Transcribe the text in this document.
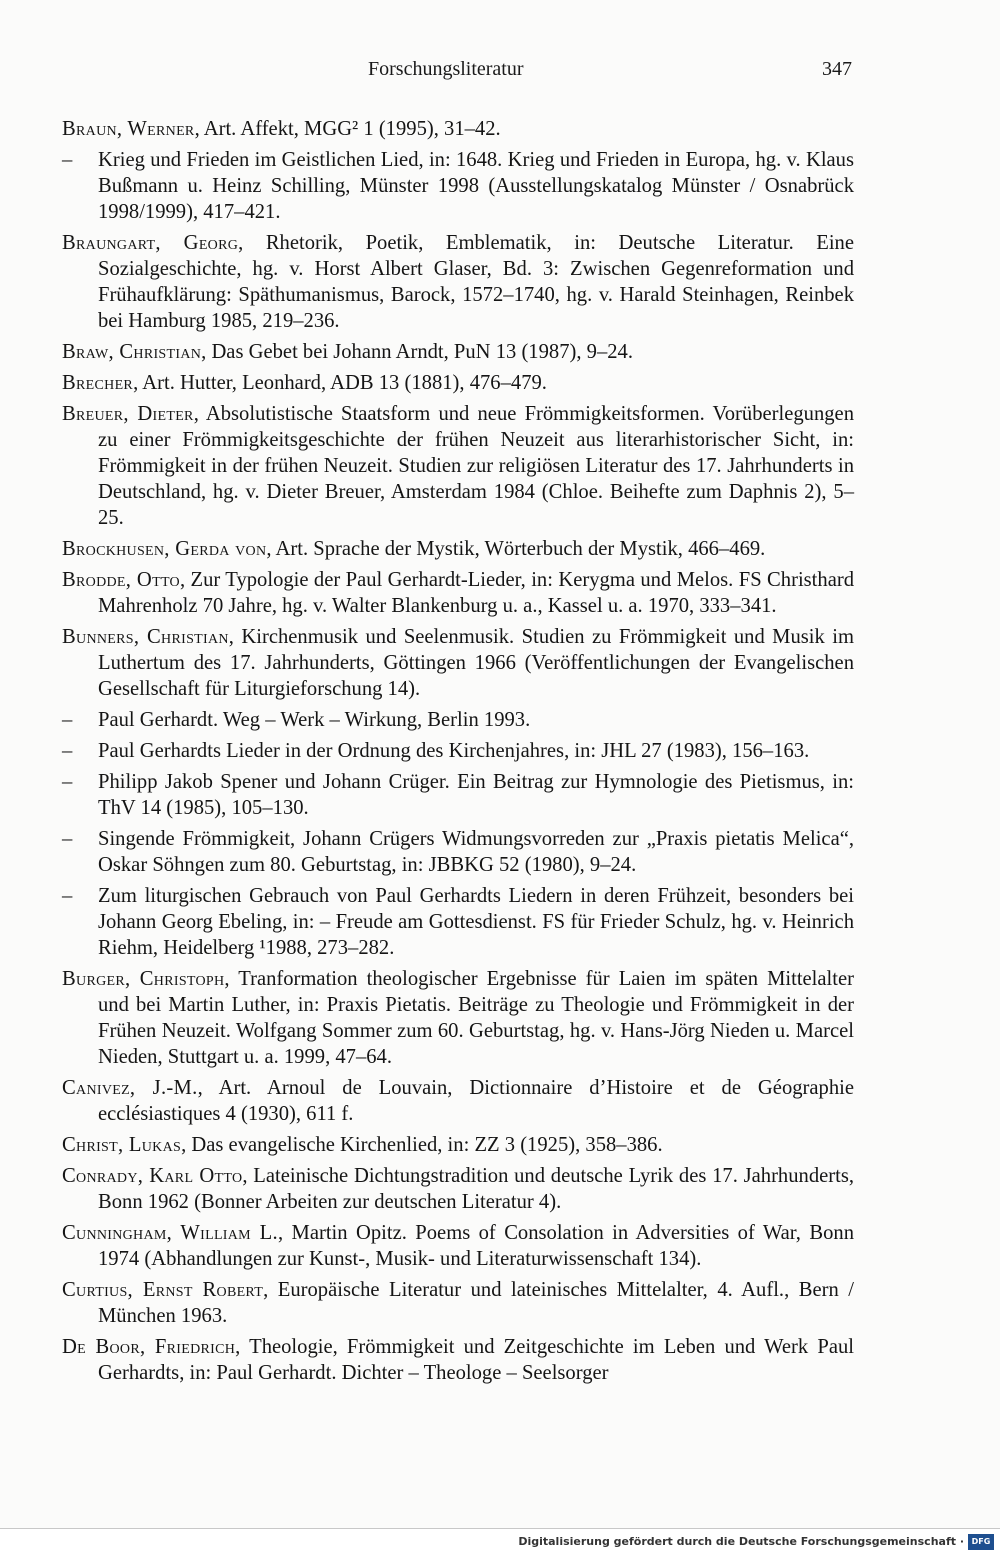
Forschungsliteratur	347

Braun, Werner, Art. Affekt, MGG² 1 (1995), 31–42.

– Krieg und Frieden im Geistlichen Lied, in: 1648. Krieg und Frieden in Europa, hg. v. Klaus Bußmann u. Heinz Schilling, Münster 1998 (Ausstellungskatalog Münster / Osnabrück 1998/1999), 417–421.

Braungart, Georg, Rhetorik, Poetik, Emblematik, in: Deutsche Literatur. Eine Sozialgeschichte, hg. v. Horst Albert Glaser, Bd. 3: Zwischen Gegenreformation und Frühaufklärung: Späthumanismus, Barock, 1572–1740, hg. v. Harald Steinhagen, Reinbek bei Hamburg 1985, 219–236.

Braw, Christian, Das Gebet bei Johann Arndt, PuN 13 (1987), 9–24.

Brecher, Art. Hutter, Leonhard, ADB 13 (1881), 476–479.

Breuer, Dieter, Absolutistische Staatsform und neue Frömmigkeitsformen. Vorüberlegungen zu einer Frömmigkeitsgeschichte der frühen Neuzeit aus literarhistorischer Sicht, in: Frömmigkeit in der frühen Neuzeit. Studien zur religiösen Literatur des 17. Jahrhunderts in Deutschland, hg. v. Dieter Breuer, Amsterdam 1984 (Chloe. Beihefte zum Daphnis 2), 5–25.

Brockhusen, Gerda von, Art. Sprache der Mystik, Wörterbuch der Mystik, 466–469.

Brodde, Otto, Zur Typologie der Paul Gerhardt-Lieder, in: Kerygma und Melos. FS Christhard Mahrenholz 70 Jahre, hg. v. Walter Blankenburg u. a., Kassel u. a. 1970, 333–341.

Bunners, Christian, Kirchenmusik und Seelenmusik. Studien zu Frömmigkeit und Musik im Luthertum des 17. Jahrhunderts, Göttingen 1966 (Veröffentlichungen der Evangelischen Gesellschaft für Liturgieforschung 14).

– Paul Gerhardt. Weg – Werk – Wirkung, Berlin 1993.

– Paul Gerhardts Lieder in der Ordnung des Kirchenjahres, in: JHL 27 (1983), 156–163.

– Philipp Jakob Spener und Johann Crüger. Ein Beitrag zur Hymnologie des Pietismus, in: ThV 14 (1985), 105–130.

– Singende Frömmigkeit, Johann Crügers Widmungsvorreden zur „Praxis pietatis Melica“, Oskar Söhngen zum 80. Geburtstag, in: JBBKG 52 (1980), 9–24.

– Zum liturgischen Gebrauch von Paul Gerhardts Liedern in deren Frühzeit, besonders bei Johann Georg Ebeling, in: – Freude am Gottesdienst. FS für Frieder Schulz, hg. v. Heinrich Riehm, Heidelberg ¹1988, 273–282.

Burger, Christoph, Tranformation theologischer Ergebnisse für Laien im späten Mittelalter und bei Martin Luther, in: Praxis Pietatis. Beiträge zu Theologie und Frömmigkeit in der Frühen Neuzeit. Wolfgang Sommer zum 60. Geburtstag, hg. v. Hans-Jörg Nieden u. Marcel Nieden, Stuttgart u. a. 1999, 47–64.

Canivez, J.-M., Art. Arnoul de Louvain, Dictionnaire d’Histoire et de Géographie ecclésiastiques 4 (1930), 611 f.

Christ, Lukas, Das evangelische Kirchenlied, in: ZZ 3 (1925), 358–386.

Conrady, Karl Otto, Lateinische Dichtungstradition und deutsche Lyrik des 17. Jahrhunderts, Bonn 1962 (Bonner Arbeiten zur deutschen Literatur 4).

Cunningham, William L., Martin Opitz. Poems of Consolation in Adversities of War, Bonn 1974 (Abhandlungen zur Kunst-, Musik- und Literaturwissenschaft 134).

Curtius, Ernst Robert, Europäische Literatur und lateinisches Mittelalter, 4. Aufl., Bern / München 1963.

De Boor, Friedrich, Theologie, Frömmigkeit und Zeitgeschichte im Leben und Werk Paul Gerhardts, in: Paul Gerhardt. Dichter – Theologe – Seelsorger

Digitalisierung gefördert durch die Deutsche Forschungsgemeinschaft · DFG
